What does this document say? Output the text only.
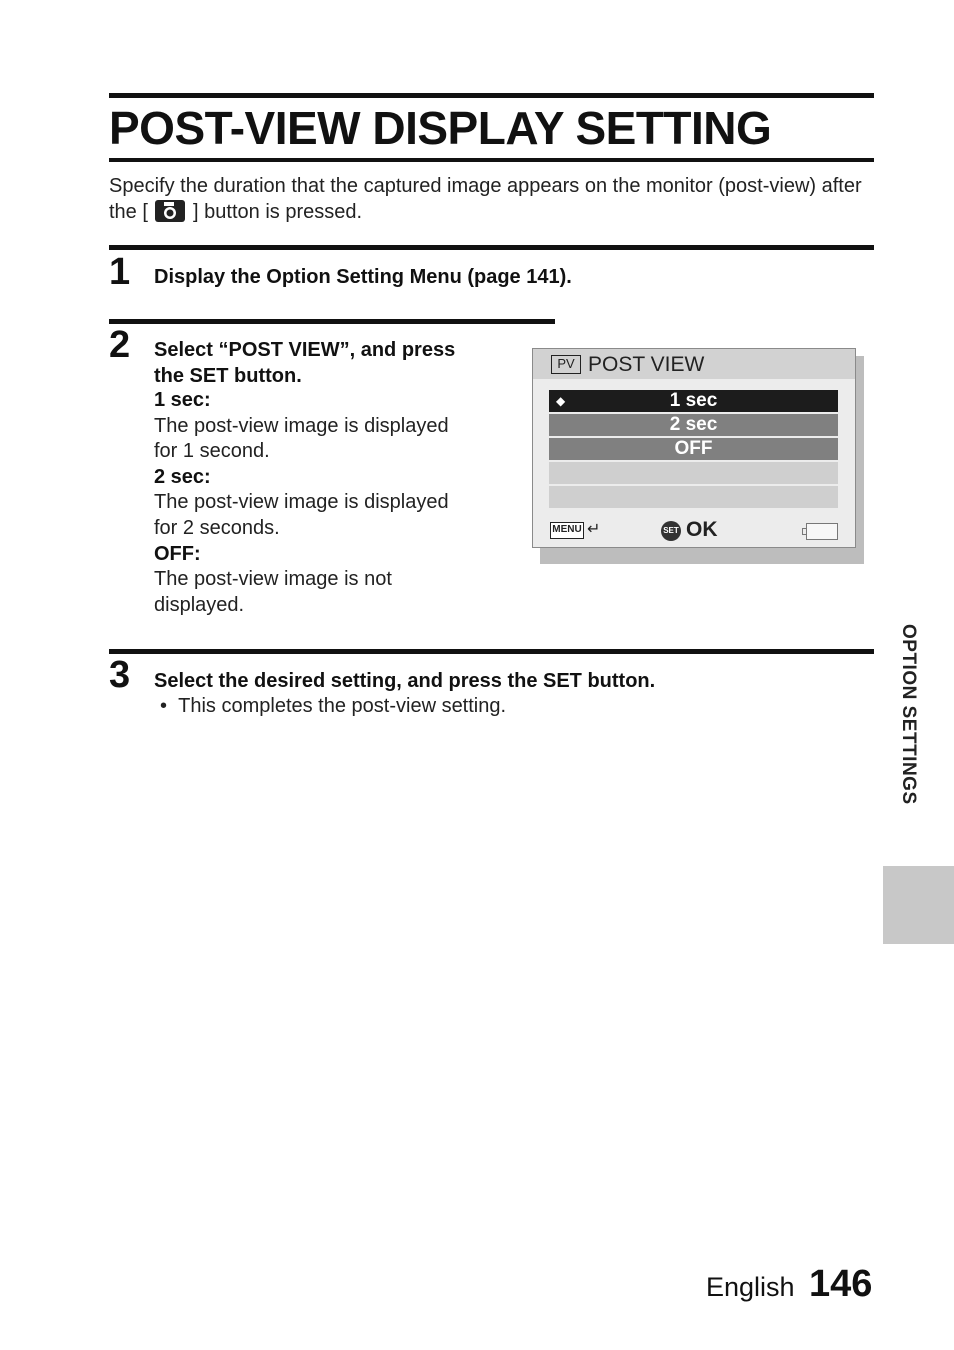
POST-VIEW DISPLAY SETTING
Specify the duration that the captured image appears on the monitor (post-view) after the [ ] button is pressed.
1 Display the Option Setting Menu (page 141).
2 Select “POST VIEW”, and press
the SET button.
1 sec:
The post-view image is displayed
for 1 second.
2 sec:
The post-view image is displayed
for 2 seconds.
OFF:
The post-view image is not
displayed.
PV POST VIEW
◆	1 sec
2 sec
OFF
MENU ↵	SET OK
3 Select the desired setting, and press the SET button.
•  This completes the post-view setting.	OPTION SETTINGS
English 146
